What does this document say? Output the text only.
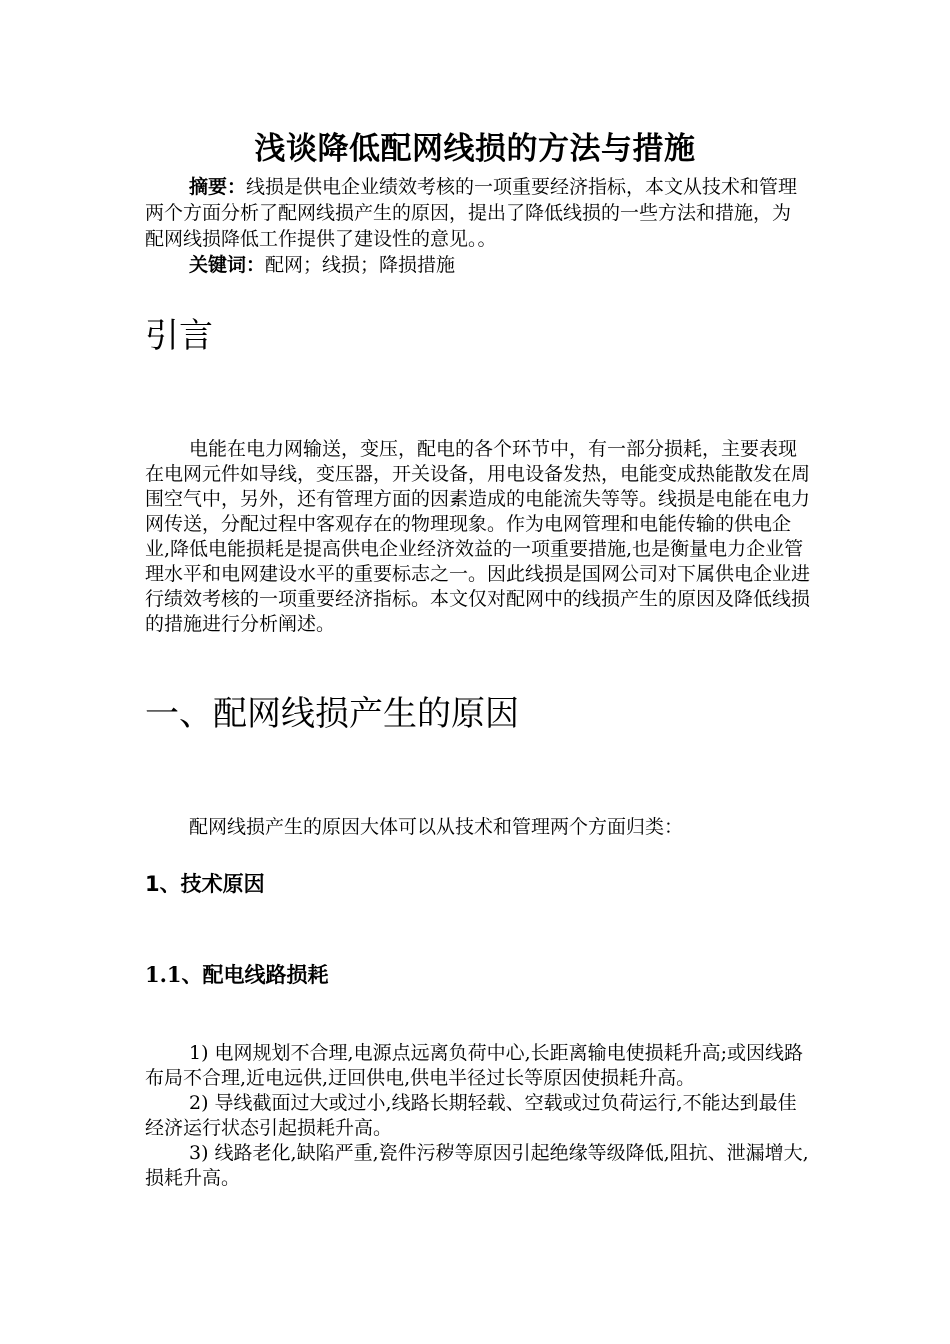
浅谈降低配网线损的方法与措施

摘要：线损是供电企业绩效考核的一项重要经济指标，本文从技术和管理两个方面分析了配网线损产生的原因，提出了降低线损的一些方法和措施，为配网线损降低工作提供了建设性的意见。。

关键词：配网；线损；降损措施

引言

电能在电力网输送，变压，配电的各个环节中，有一部分损耗，主要表现在电网元件如导线，变压器，开关设备，用电设备发热，电能变成热能散发在周围空气中，另外，还有管理方面的因素造成的电能流失等等。线损是电能在电力网传送，分配过程中客观存在的物理现象。作为电网管理和电能传输的供电企业,降低电能损耗是提高供电企业经济效益的一项重要措施,也是衡量电力企业管理水平和电网建设水平的重要标志之一。因此线损是国网公司对下属供电企业进行绩效考核的一项重要经济指标。本文仅对配网中的线损产生的原因及降低线损的措施进行分析阐述。

一、配网线损产生的原因

配网线损产生的原因大体可以从技术和管理两个方面归类：

1、技术原因
1.1、配电线路损耗

1) 电网规划不合理,电源点远离负荷中心,长距离输电使损耗升高;或因线路布局不合理,近电远供,迂回供电,供电半径过长等原因使损耗升高。

2) 导线截面过大或过小,线路长期轻载、空载或过负荷运行,不能达到最佳经济运行状态引起损耗升高。

3) 线路老化,缺陷严重,瓷件污秽等原因引起绝缘等级降低,阻抗、泄漏增大,损耗升高。
